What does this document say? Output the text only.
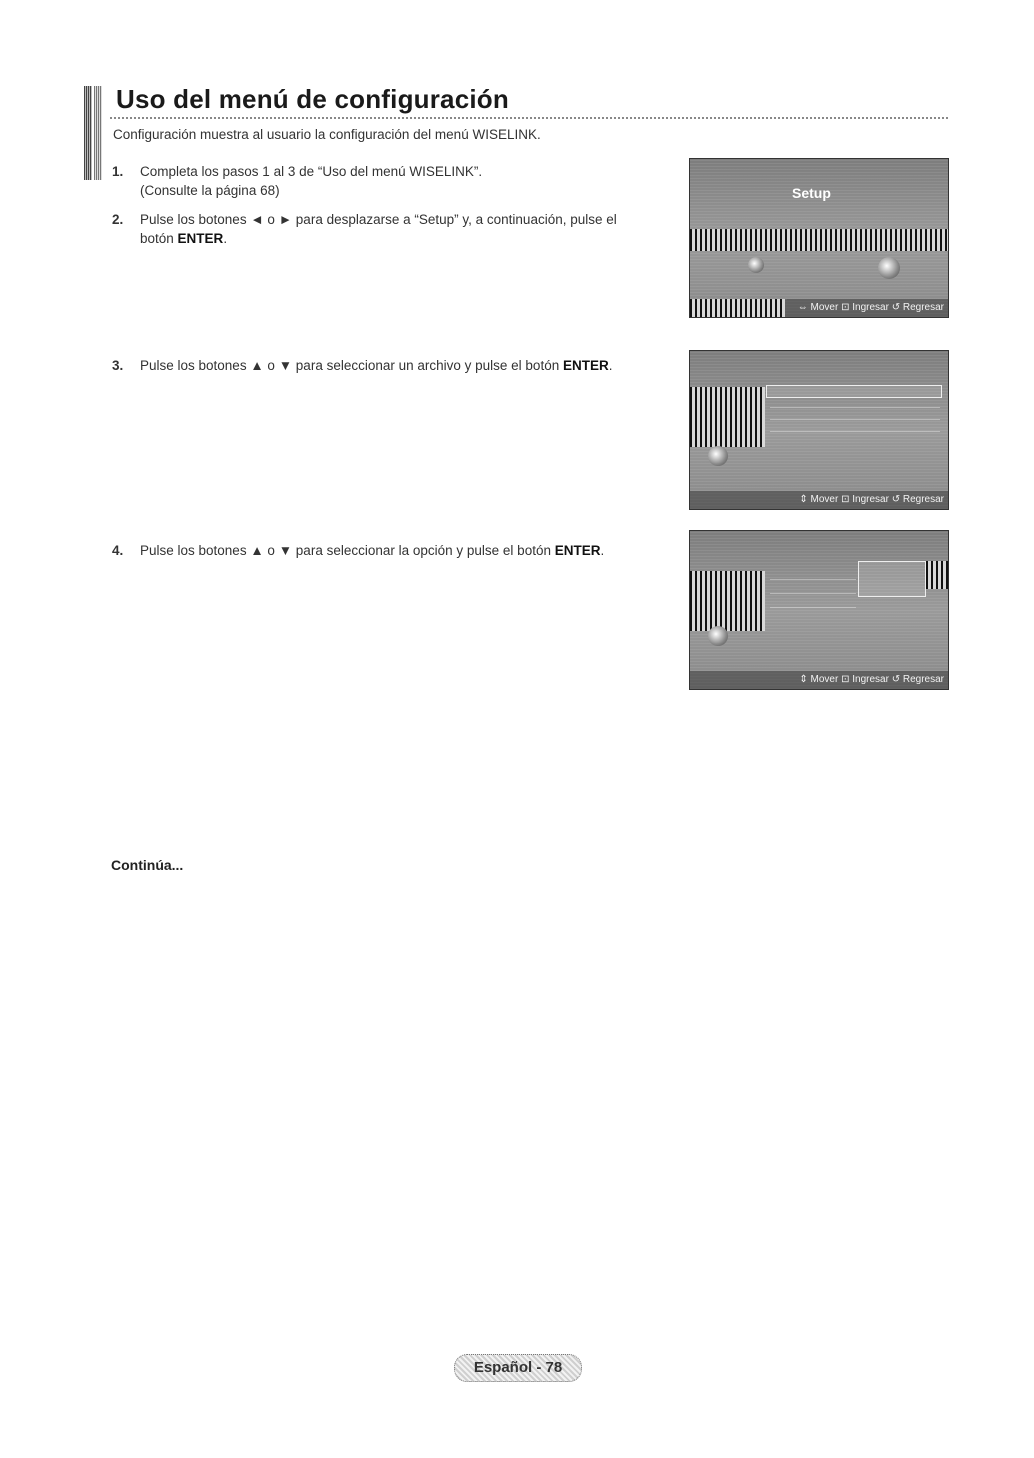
Uso del menú de configuración
Configuración muestra al usuario la configuración del menú WISELINK.
1. Completa los pasos 1 al 3 de “Uso del menú WISELINK”.
(Consulte la página 68)
2. Pulse los botones ◄ o ► para desplazarse a “Setup” y, a continuación, pulse el
botón ENTER.
Setup
⇔ Mover ⊡ Ingresar ↺ Regresar
3. Pulse los botones ▲ o ▼ para seleccionar un archivo y pulse el botón ENTER.
⇕ Mover ⊡ Ingresar ↺ Regresar
4. Pulse los botones ▲ o ▼ para seleccionar la opción y pulse el botón ENTER.
⇕ Mover ⊡ Ingresar ↺ Regresar
Continúa...
Español - 78
